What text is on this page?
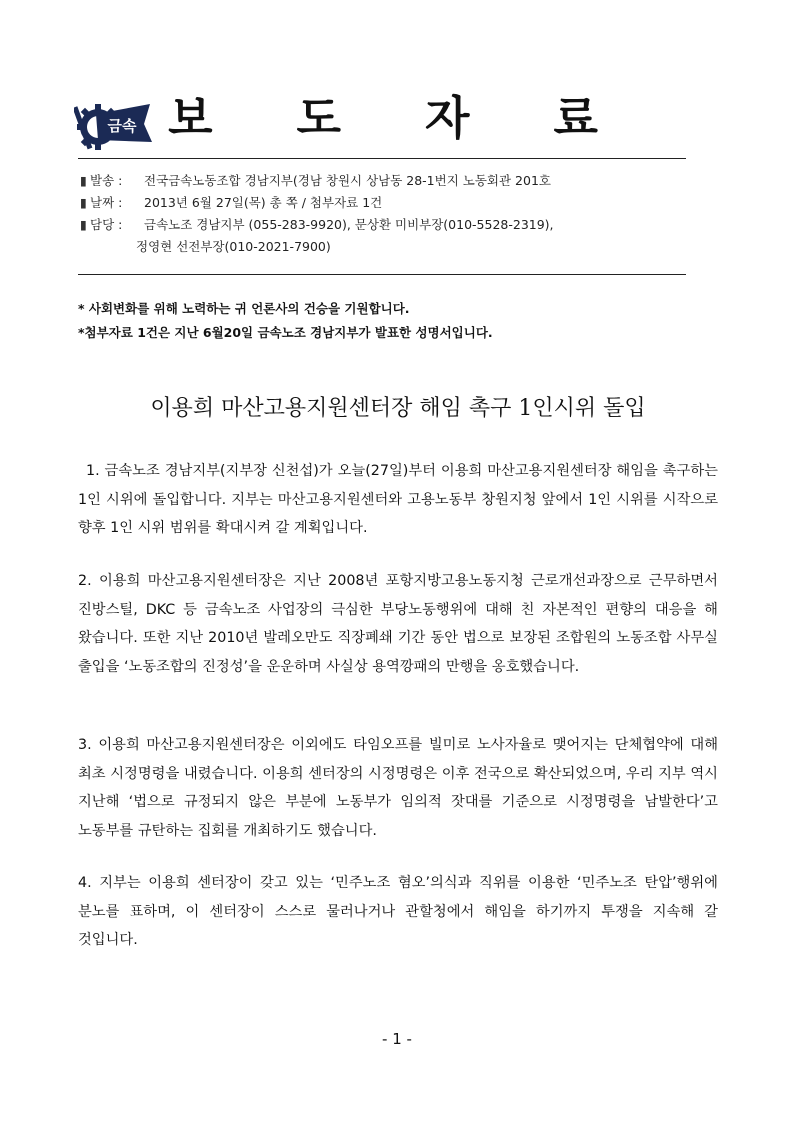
금속 보 도 자 료
▮ 발송 :	전국금속노동조합 경남지부(경남 창원시 상남동 28-1번지 노동회관 201호
▮ 날짜 :	2013년 6월 27일(목) 총 쪽 / 첨부자료 1건
▮ 담당 :	금속노조 경남지부 (055-283-9920), 문상환 미비부장(010-5528-2319),
정영현 선전부장(010-2021-7900)
* 사회변화를 위해 노력하는 귀 언론사의 건승을 기원합니다.
*첨부자료 1건은 지난 6월20일 금속노조 경남지부가 발표한 성명서입니다.
이용희 마산고용지원센터장 해임 촉구 1인시위 돌입
1. 금속노조 경남지부(지부장 신천섭)가 오늘(27일)부터 이용희 마산고용지원센터장 해임을 촉구하는 1인 시위에 돌입합니다. 지부는 마산고용지원센터와 고용노동부 창원지청 앞에서 1인 시위를 시작으로 향후 1인 시위 범위를 확대시켜 갈 계획입니다.
2. 이용희 마산고용지원센터장은 지난 2008년 포항지방고용노동지청 근로개선과장으로 근무하면서 진방스틸, DKC 등 금속노조 사업장의 극심한 부당노동행위에 대해 친 자본적인 편향의 대응을 해 왔습니다. 또한 지난 2010년 발레오만도 직장폐쇄 기간 동안 법으로 보장된 조합원의 노동조합 사무실 출입을 ‘노동조합의 진정성’을 운운하며 사실상 용역깡패의 만행을 옹호했습니다.
3. 이용희 마산고용지원센터장은 이외에도 타임오프를 빌미로 노사자율로 맺어지는 단체협약에 대해 최초 시정명령을 내렸습니다. 이용희 센터장의 시정명령은 이후 전국으로 확산되었으며, 우리 지부 역시 지난해 ‘법으로 규정되지 않은 부분에 노동부가 임의적 잣대를 기준으로 시정명령을 남발한다’고 노동부를 규탄하는 집회를 개최하기도 했습니다.
4. 지부는 이용희 센터장이 갖고 있는 ‘민주노조 혐오’의식과 직위를 이용한 ‘민주노조 탄압’행위에 분노를 표하며, 이 센터장이 스스로 물러나거나 관할청에서 해임을 하기까지 투쟁을 지속해 갈 것입니다.
- 1 -
